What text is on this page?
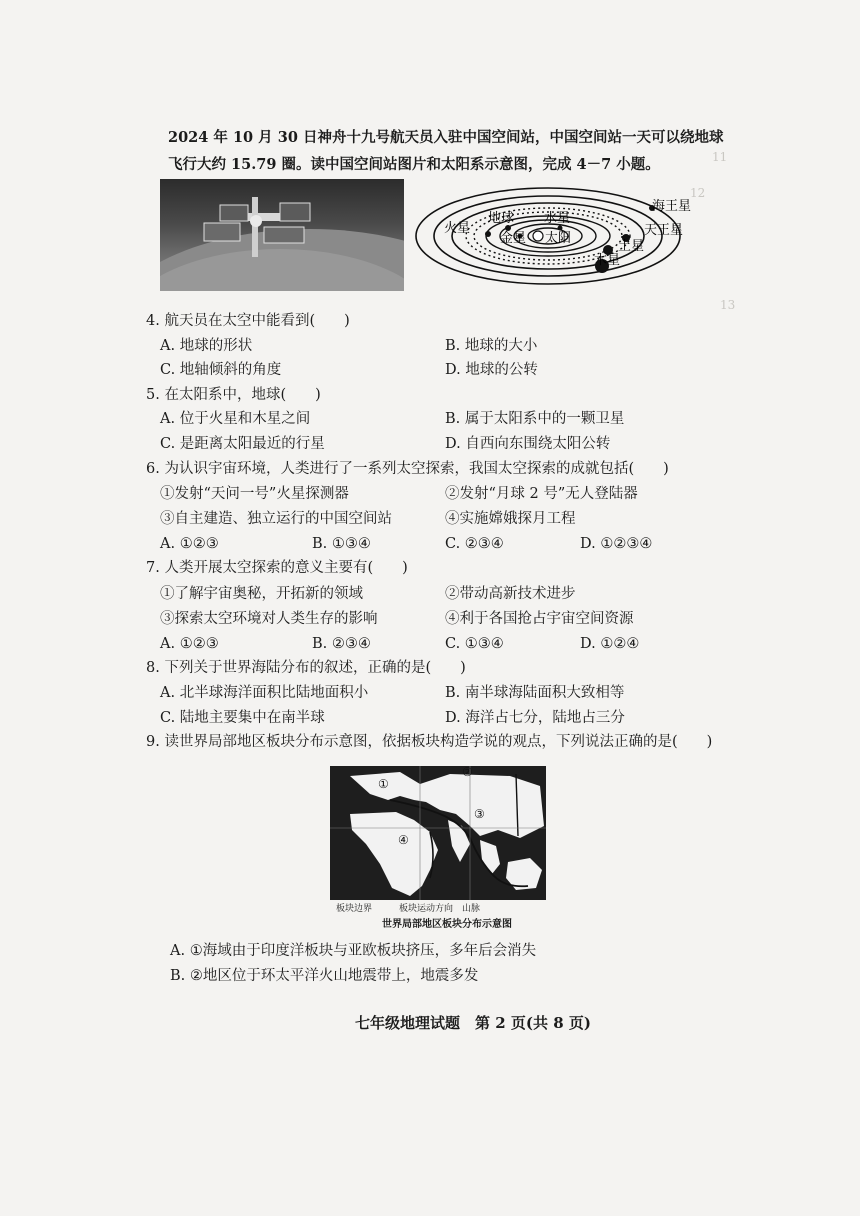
2024 年 10 月 30 日神舟十九号航天员入驻中国空间站，中国空间站一天可以绕地球飞行大约 15.79 圈。读中国空间站图片和太阳系示意图，完成 4－7 小题。
海王星
天王星
土星
木星
火星
地球 水星
金星 太阳
11
12
13
4. 航天员在太空中能看到(　　)
A. 地球的形状	B. 地球的大小
C. 地轴倾斜的角度	D. 地球的公转
5. 在太阳系中，地球(　　)
A. 位于火星和木星之间	B. 属于太阳系中的一颗卫星
C. 是距离太阳最近的行星	D. 自西向东围绕太阳公转
6. 为认识宇宙环境，人类进行了一系列太空探索，我国太空探索的成就包括(　　)
①发射“天问一号”火星探测器	②发射“月球 2 号”无人登陆器
③自主建造、独立运行的中国空间站	④实施嫦娥探月工程
A. ①②③	B. ①③④	C. ②③④	D. ①②③④
7. 人类开展太空探索的意义主要有(　　)
①了解宇宙奥秘，开拓新的领域	②带动高新技术进步
③探索太空环境对人类生存的影响	④利于各国抢占宇宙空间资源
A. ①②③	B. ②③④	C. ①③④	D. ①②④
8. 下列关于世界海陆分布的叙述，正确的是(　　)
A. 北半球海洋面积比陆地面积小	B. 南半球海陆面积大致相等
C. 陆地主要集中在南半球	D. 海洋占七分，陆地占三分
9. 读世界局部地区板块分布示意图，依据板块构造学说的观点，下列说法正确的是(　　)
①
②
③
④
板块边界　　　板块运动方向　山脉
世界局部地区板块分布示意图
A. ①海域由于印度洋板块与亚欧板块挤压，多年后会消失
B. ②地区位于环太平洋火山地震带上，地震多发
七年级地理试题　第 2 页(共 8 页)
